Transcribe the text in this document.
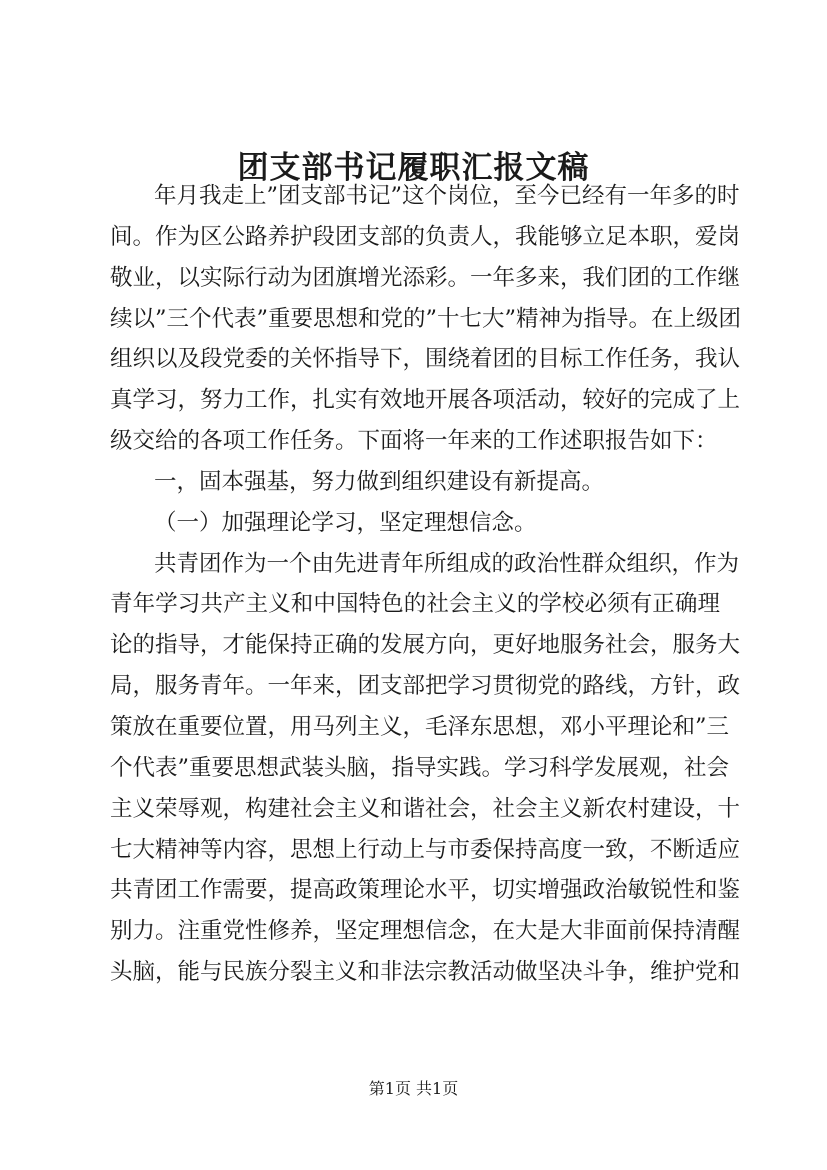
团支部书记履职汇报文稿
年月我走上”团支部书记”这个岗位，至今已经有一年多的时
间。作为区公路养护段团支部的负责人，我能够立足本职，爱岗
敬业，以实际行动为团旗增光添彩。一年多来，我们团的工作继
续以”三个代表”重要思想和党的”十七大”精神为指导。在上级团
组织以及段党委的关怀指导下，围绕着团的目标工作任务，我认
真学习，努力工作，扎实有效地开展各项活动，较好的完成了上
级交给的各项工作任务。下面将一年来的工作述职报告如下：
一，固本强基，努力做到组织建设有新提高。
（一）加强理论学习，坚定理想信念。
共青团作为一个由先进青年所组成的政治性群众组织，作为
青年学习共产主义和中国特色的社会主义的学校必须有正确理
论的指导，才能保持正确的发展方向，更好地服务社会，服务大
局，服务青年。一年来，团支部把学习贯彻党的路线，方针，政
策放在重要位置，用马列主义，毛泽东思想，邓小平理论和”三
个代表”重要思想武装头脑，指导实践。学习科学发展观，社会
主义荣辱观，构建社会主义和谐社会，社会主义新农村建设，十
七大精神等内容，思想上行动上与市委保持高度一致，不断适应
共青团工作需要，提高政策理论水平，切实增强政治敏锐性和鉴
别力。注重党性修养，坚定理想信念，在大是大非面前保持清醒
头脑，能与民族分裂主义和非法宗教活动做坚决斗争，维护党和
第1页 共1页
